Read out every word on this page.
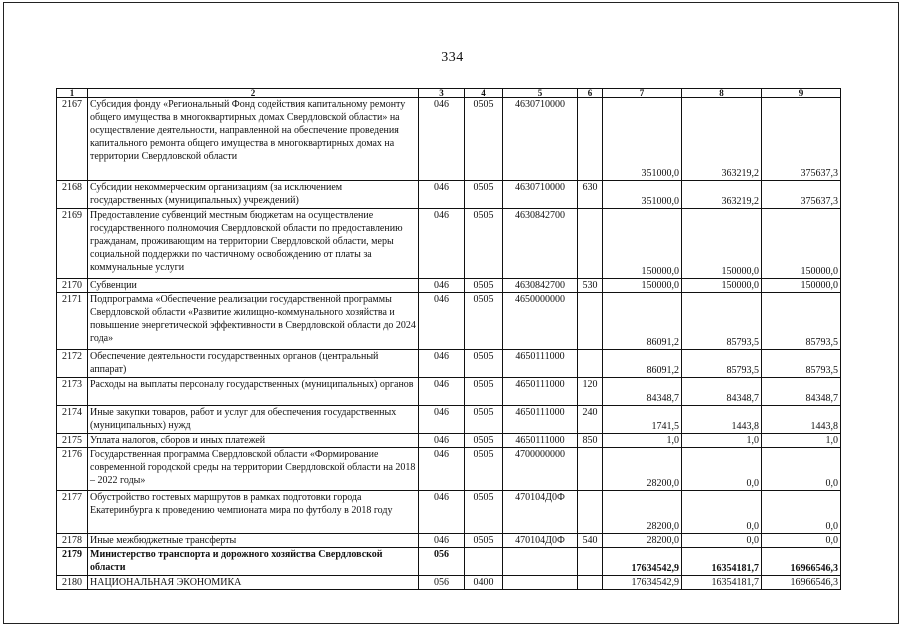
334
1	2	3	4	5	6	7	8	9
2167	Субсидия фонду «Региональный Фонд содействия капитальному ремонту общего имущества в многоквартирных домах Свердловской области» на осуществление деятельности, направленной на обеспечение проведения капитального ремонта общего имущества в многоквартирных домах на территории Свердловской области	046	0505	4630710000		351000,0	363219,2	375637,3
2168	Субсидии некоммерческим организациям (за исключением государственных (муниципальных) учреждений)	046	0505	4630710000	630	351000,0	363219,2	375637,3
2169	Предоставление субвенций местным бюджетам на осуществление государственного полномочия Свердловской области по предоставлению гражданам, проживающим на территории Свердловской области, меры социальной поддержки по частичному освобождению от платы за коммунальные услуги	046	0505	4630842700		150000,0	150000,0	150000,0
2170	Субвенции	046	0505	4630842700	530	150000,0	150000,0	150000,0
2171	Подпрограмма «Обеспечение реализации государственной программы Свердловской области «Развитие жилищно-коммунального хозяйства и повышение энергетической эффективности в Свердловской области до 2024 года»	046	0505	4650000000		86091,2	85793,5	85793,5
2172	Обеспечение деятельности государственных органов (центральный аппарат)	046	0505	4650111000		86091,2	85793,5	85793,5
2173	Расходы на выплаты персоналу государственных (муниципальных) органов	046	0505	4650111000	120	84348,7	84348,7	84348,7
2174	Иные закупки товаров, работ и услуг для обеспечения государственных (муниципальных) нужд	046	0505	4650111000	240	1741,5	1443,8	1443,8
2175	Уплата налогов, сборов и иных платежей	046	0505	4650111000	850	1,0	1,0	1,0
2176	Государственная программа Свердловской области «Формирование современной городской среды на территории Свердловской области на 2018 – 2022 годы»	046	0505	4700000000		28200,0	0,0	0,0
2177	Обустройство гостевых маршрутов в рамках подготовки города Екатеринбурга к проведению чемпионата мира по футболу в 2018 году	046	0505	470104Д0Ф		28200,0	0,0	0,0
2178	Иные межбюджетные трансферты	046	0505	470104Д0Ф	540	28200,0	0,0	0,0
2179	Министерство транспорта и дорожного хозяйства Свердловской области	056				17634542,9	16354181,7	16966546,3
2180	НАЦИОНАЛЬНАЯ ЭКОНОМИКА	056	0400			17634542,9	16354181,7	16966546,3
